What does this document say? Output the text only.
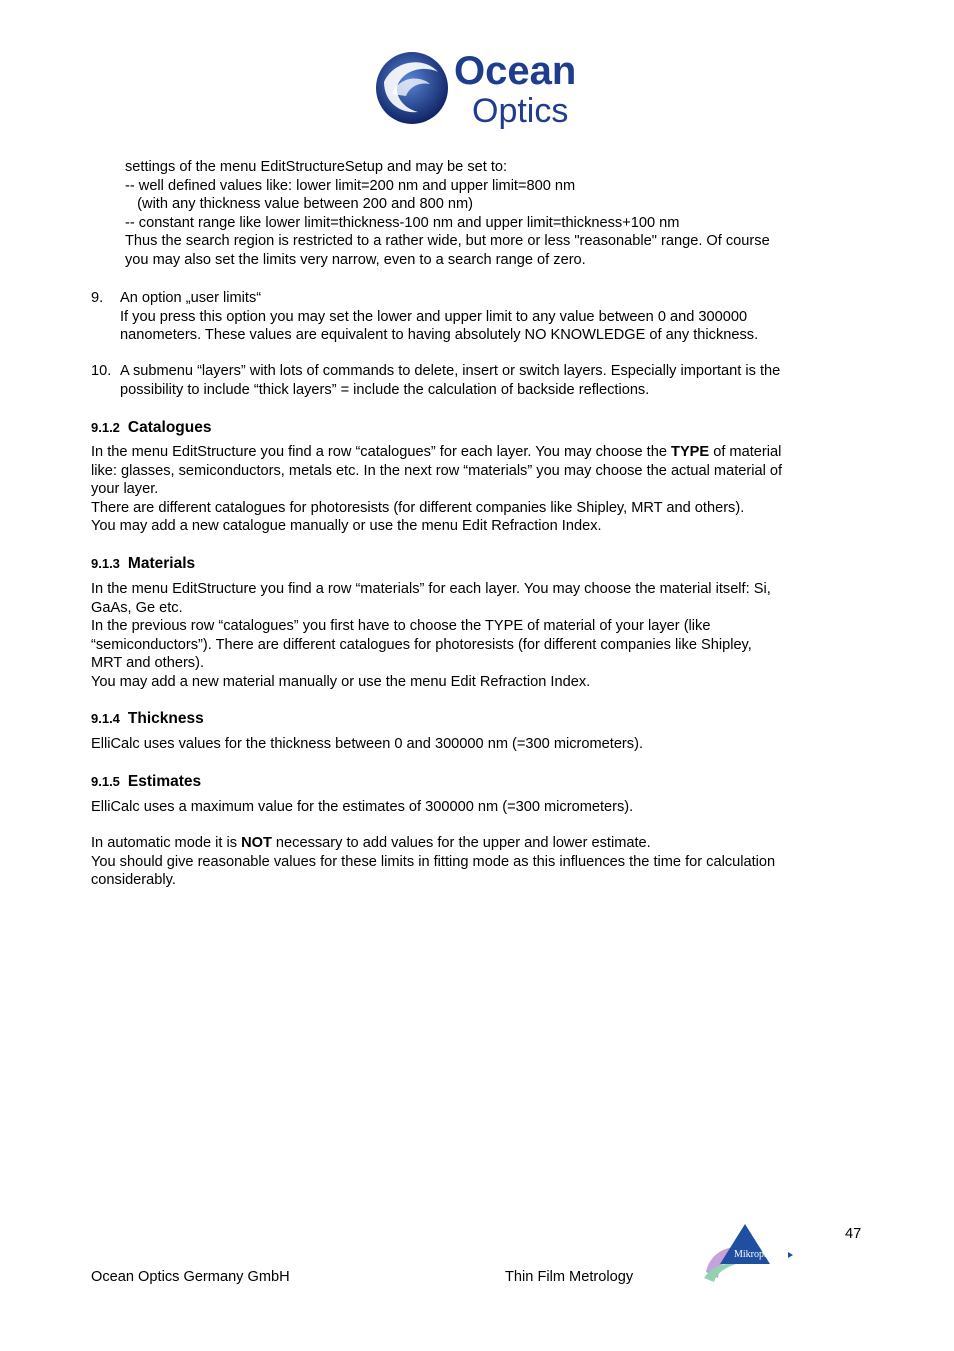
Ocean
Optics
settings of the menu EditStructureSetup and may be set to:
-- well defined values like: lower limit=200 nm and upper limit=800 nm
(with any thickness value between 200 and 800 nm)
-- constant range like lower limit=thickness-100 nm and upper limit=thickness+100 nm
Thus the search region is restricted to a rather wide, but more or less "reasonable" range. Of course
you may also set the limits very narrow, even to a search range of zero.
9. An option „user limits“
If you press this option you may set the lower and upper limit to any value between 0 and 300000
nanometers. These values are equivalent to having absolutely NO KNOWLEDGE of any thickness.
10. A submenu “layers” with lots of commands to delete, insert or switch layers. Especially important is the
possibility to include “thick layers” = include the calculation of backside reflections.
9.1.2 Catalogues
In the menu EditStructure you find a row “catalogues” for each layer. You may choose the TYPE of material
like: glasses, semiconductors, metals etc. In the next row “materials” you may choose the actual material of
your layer.
There are different catalogues for photoresists (for different companies like Shipley, MRT and others).
You may add a new catalogue manually or use the menu Edit Refraction Index.
9.1.3 Materials
In the menu EditStructure you find a row “materials” for each layer. You may choose the material itself: Si,
GaAs, Ge etc.
In the previous row “catalogues” you first have to choose the TYPE of material of your layer (like
“semiconductors”). There are different catalogues for photoresists (for different companies like Shipley,
MRT and others).
You may add a new material manually or use the menu Edit Refraction Index.
9.1.4 Thickness
ElliCalc uses values for the thickness between 0 and 300000 nm (=300 micrometers).
9.1.5 Estimates
ElliCalc uses a maximum value for the estimates of 300000 nm (=300 micrometers).
In automatic mode it is NOT necessary to add values for the upper and lower estimate.
You should give reasonable values for these limits in fitting mode as this influences the time for calculation
considerably.
47
Ocean Optics Germany GmbH	Thin Film Metrology
Mikropack
